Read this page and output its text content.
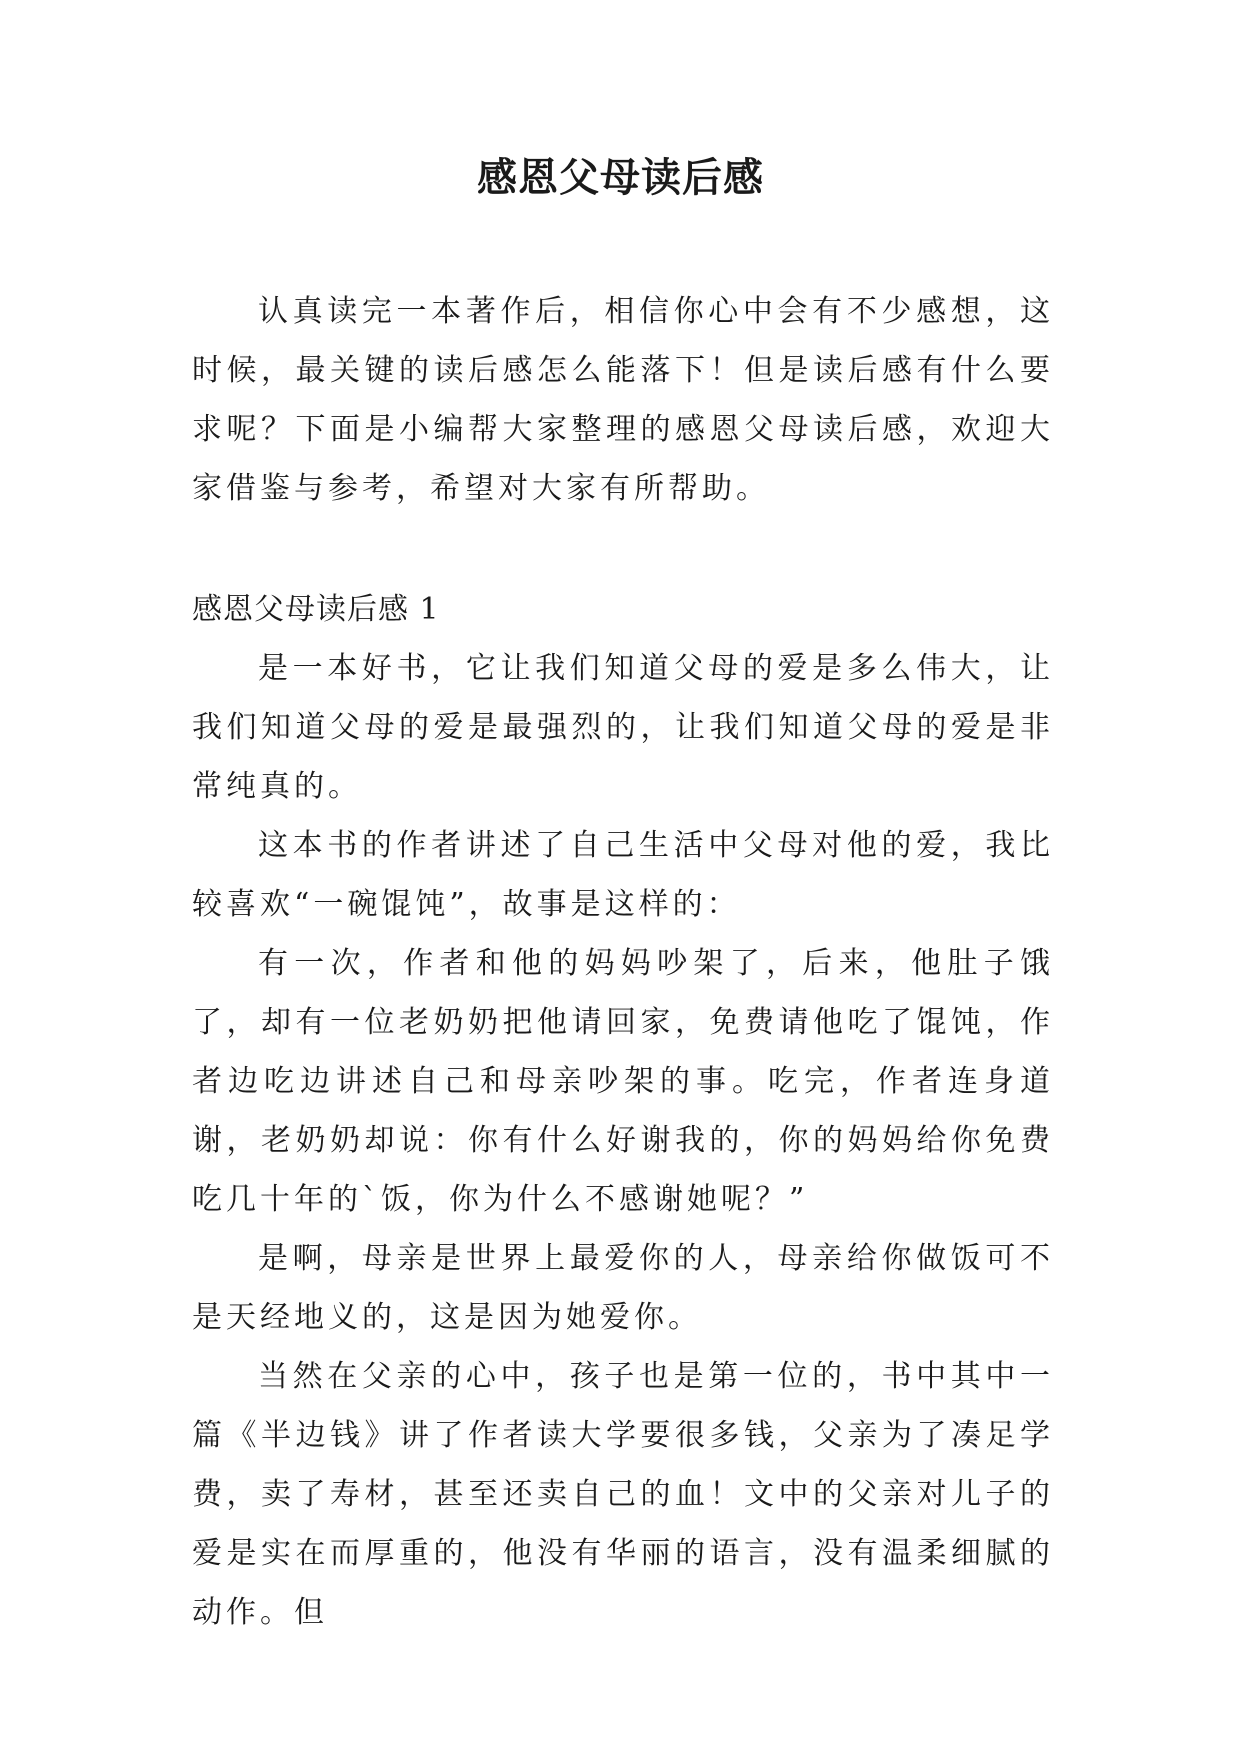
感恩父母读后感

认真读完一本著作后，相信你心中会有不少感想，这时候，最关键的读后感怎么能落下！但是读后感有什么要求呢？下面是小编帮大家整理的感恩父母读后感，欢迎大家借鉴与参考，希望对大家有所帮助。

感恩父母读后感 1

是一本好书，它让我们知道父母的爱是多么伟大，让我们知道父母的爱是最强烈的，让我们知道父母的爱是非常纯真的。

这本书的作者讲述了自己生活中父母对他的爱，我比较喜欢“一碗馄饨”，故事是这样的：

有一次，作者和他的妈妈吵架了，后来，他肚子饿了，却有一位老奶奶把他请回家，免费请他吃了馄饨，作者边吃边讲述自己和母亲吵架的事。吃完，作者连身道谢，老奶奶却说：你有什么好谢我的，你的妈妈给你免费吃几十年的`饭，你为什么不感谢她呢？”

是啊，母亲是世界上最爱你的人，母亲给你做饭可不是天经地义的，这是因为她爱你。

当然在父亲的心中，孩子也是第一位的，书中其中一篇《半边钱》讲了作者读大学要很多钱，父亲为了凑足学费，卖了寿材，甚至还卖自己的血！文中的父亲对儿子的爱是实在而厚重的，他没有华丽的语言，没有温柔细腻的动作。但
